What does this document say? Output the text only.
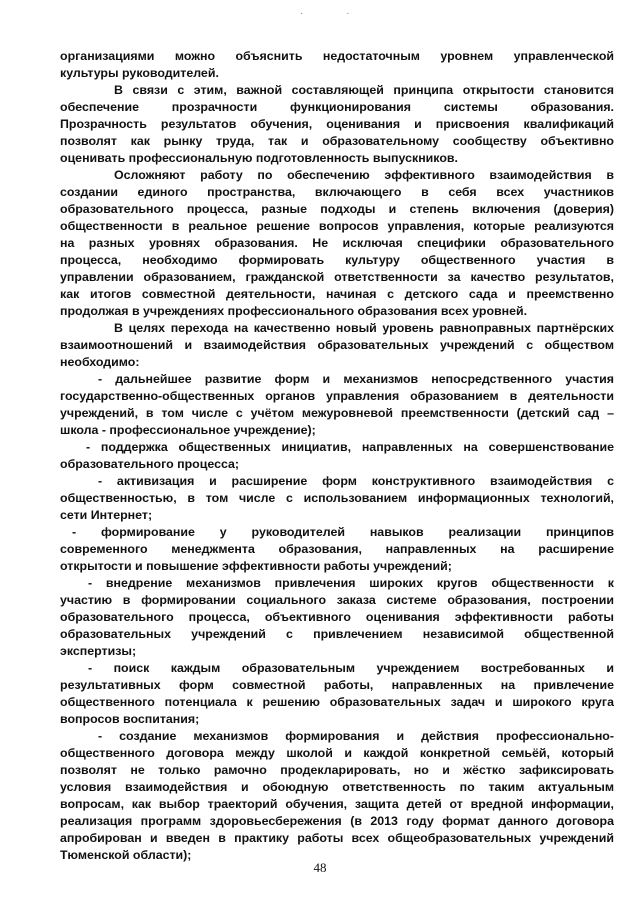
· ·
организациями можно объяснить недостаточным уровнем управленческой
культуры руководителей.
В связи с этим, важной составляющей принципа открытости становится
обеспечение прозрачности функционирования системы образования.
Прозрачность результатов обучения, оценивания и присвоения квалификаций
позволят как рынку труда, так и образовательному сообществу объективно
оценивать профессиональную подготовленность выпускников.
Осложняют работу по обеспечению эффективного взаимодействия в
создании единого пространства, включающего в себя всех участников
образовательного процесса, разные подходы и степень включения (доверия)
общественности в реальное решение вопросов управления, которые реализуются
на разных уровнях образования. Не исключая специфики образовательного
процесса, необходимо формировать культуру общественного участия в
управлении образованием, гражданской ответственности за качество результатов,
как итогов совместной деятельности, начиная с детского сада и преемственно
продолжая в учреждениях профессионального образования всех уровней.
В целях перехода на качественно новый уровень равноправных партнёрских
взаимоотношений и взаимодействия образовательных учреждений с обществом
необходимо:
- дальнейшее развитие форм и механизмов непосредственного участия
государственно-общественных органов управления образованием в деятельности
учреждений, в том числе с учётом межуровневой преемственности (детский сад –
школа - профессиональное учреждение);
- поддержка общественных инициатив, направленных на совершенствование
образовательного процесса;
- активизация и расширение форм конструктивного взаимодействия с
общественностью, в том числе с использованием информационных технологий,
сети Интернет;
- формирование у руководителей навыков реализации принципов
современного менеджмента образования, направленных на расширение
открытости и повышение эффективности работы учреждений;
- внедрение механизмов привлечения широких кругов общественности к
участию в формировании социального заказа системе образования, построении
образовательного процесса, объективного оценивания эффективности работы
образовательных учреждений с привлечением независимой общественной
экспертизы;
- поиск каждым образовательным учреждением востребованных и
результативных форм совместной работы, направленных на привлечение
общественного потенциала к решению образовательных задач и широкого круга
вопросов воспитания;
- создание механизмов формирования и действия профессионально-
общественного договора между школой и каждой конкретной семьёй, который
позволят не только рамочно продекларировать, но и жёстко зафиксировать
условия взаимодействия и обоюдную ответственность по таким актуальным
вопросам, как выбор траекторий обучения, защита детей от вредной информации,
реализация программ здоровьесбережения (в 2013 году формат данного договора
апробирован и введен в практику работы всех общеобразовательных учреждений
Тюменской области);
48
